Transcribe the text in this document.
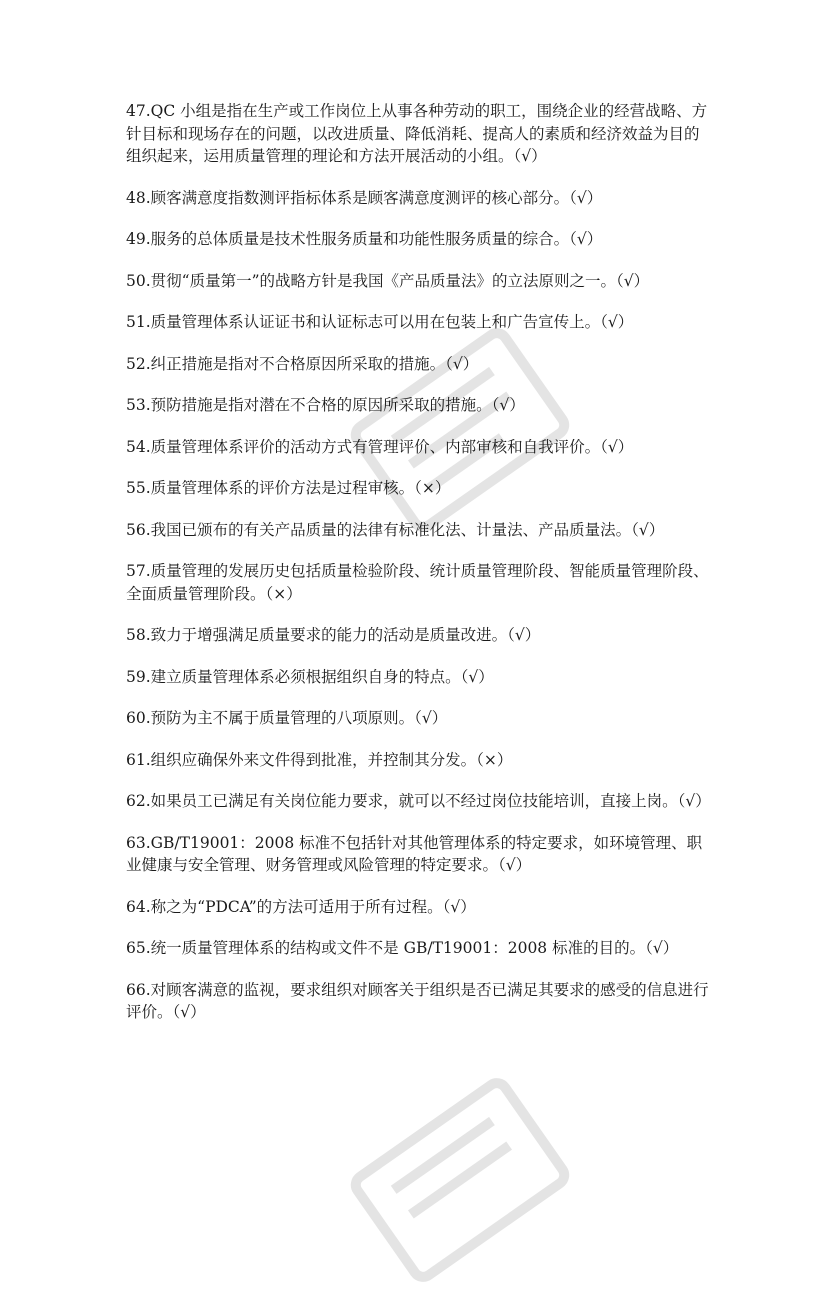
47.QC 小组是指在生产或工作岗位上从事各种劳动的职工，围绕企业的经营战略、方针目标和现场存在的问题，以改进质量、降低消耗、提高人的素质和经济效益为目的组织起来，运用质量管理的理论和方法开展活动的小组。（√）

48.顾客满意度指数测评指标体系是顾客满意度测评的核心部分。（√）

49.服务的总体质量是技术性服务质量和功能性服务质量的综合。（√）

50.贯彻“质量第一”的战略方针是我国《产品质量法》的立法原则之一。（√）

51.质量管理体系认证证书和认证标志可以用在包装上和广告宣传上。（√）

52.纠正措施是指对不合格原因所采取的措施。（√）

53.预防措施是指对潜在不合格的原因所采取的措施。（√）

54.质量管理体系评价的活动方式有管理评价、内部审核和自我评价。（√）

55.质量管理体系的评价方法是过程审核。（×）

56.我国已颁布的有关产品质量的法律有标准化法、计量法、产品质量法。（√）

57.质量管理的发展历史包括质量检验阶段、统计质量管理阶段、智能质量管理阶段、全面质量管理阶段。（×）

58.致力于增强满足质量要求的能力的活动是质量改进。（√）

59.建立质量管理体系必须根据组织自身的特点。（√）

60.预防为主不属于质量管理的八项原则。（√）

61.组织应确保外来文件得到批准，并控制其分发。（×）

62.如果员工已满足有关岗位能力要求，就可以不经过岗位技能培训，直接上岗。（√）

63.GB/T19001：2008 标准不包括针对其他管理体系的特定要求，如环境管理、职业健康与安全管理、财务管理或风险管理的特定要求。（√）

64.称之为“PDCA”的方法可适用于所有过程。（√）

65.统一质量管理体系的结构或文件不是 GB/T19001：2008 标准的目的。（√）

66.对顾客满意的监视，要求组织对顾客关于组织是否已满足其要求的感受的信息进行评价。（√）
